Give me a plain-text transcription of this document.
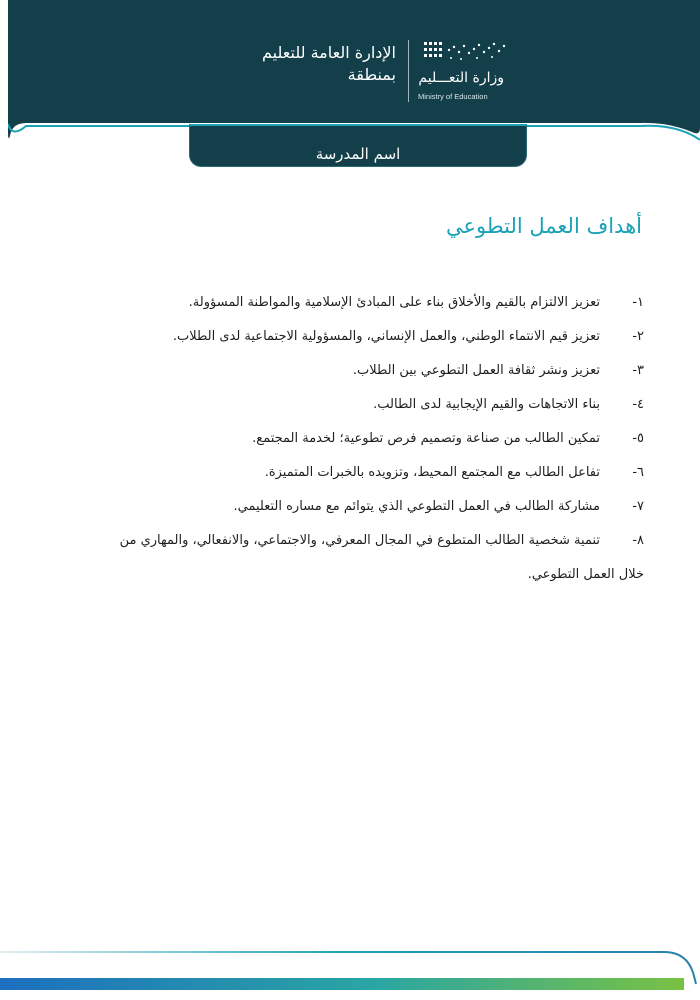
وزارة التعـــليم
Ministry of Education
الإدارة العامة للتعليم
بمنطقة
اسم المدرسة
أهداف العمل التطوعي
١-
تعزيز الالتزام بالقيم والأخلاق بناء على المبادئ الإسلامية والمواطنة المسؤولة.
٢-
تعزيز قيم الانتماء الوطني، والعمل الإنساني، والمسؤولية الاجتماعية لدى الطلاب.
٣-
تعزيز ونشر ثقافة العمل التطوعي بين الطلاب.
٤-
بناء الاتجاهات والقيم الإيجابية لدى الطالب.
٥-
تمكين الطالب من صناعة وتصميم فرص تطوعية؛ لخدمة المجتمع.
٦-
تفاعل الطالب مع المجتمع المحيط، وتزويده بالخبرات المتميزة.
٧-
مشاركة الطالب في العمل التطوعي الذي يتوائم مع مساره التعليمي.
٨-
تنمية شخصية الطالب المتطوع في المجال المعرفي، والاجتماعي، والانفعالي، والمهاري من
خلال العمل التطوعي.
